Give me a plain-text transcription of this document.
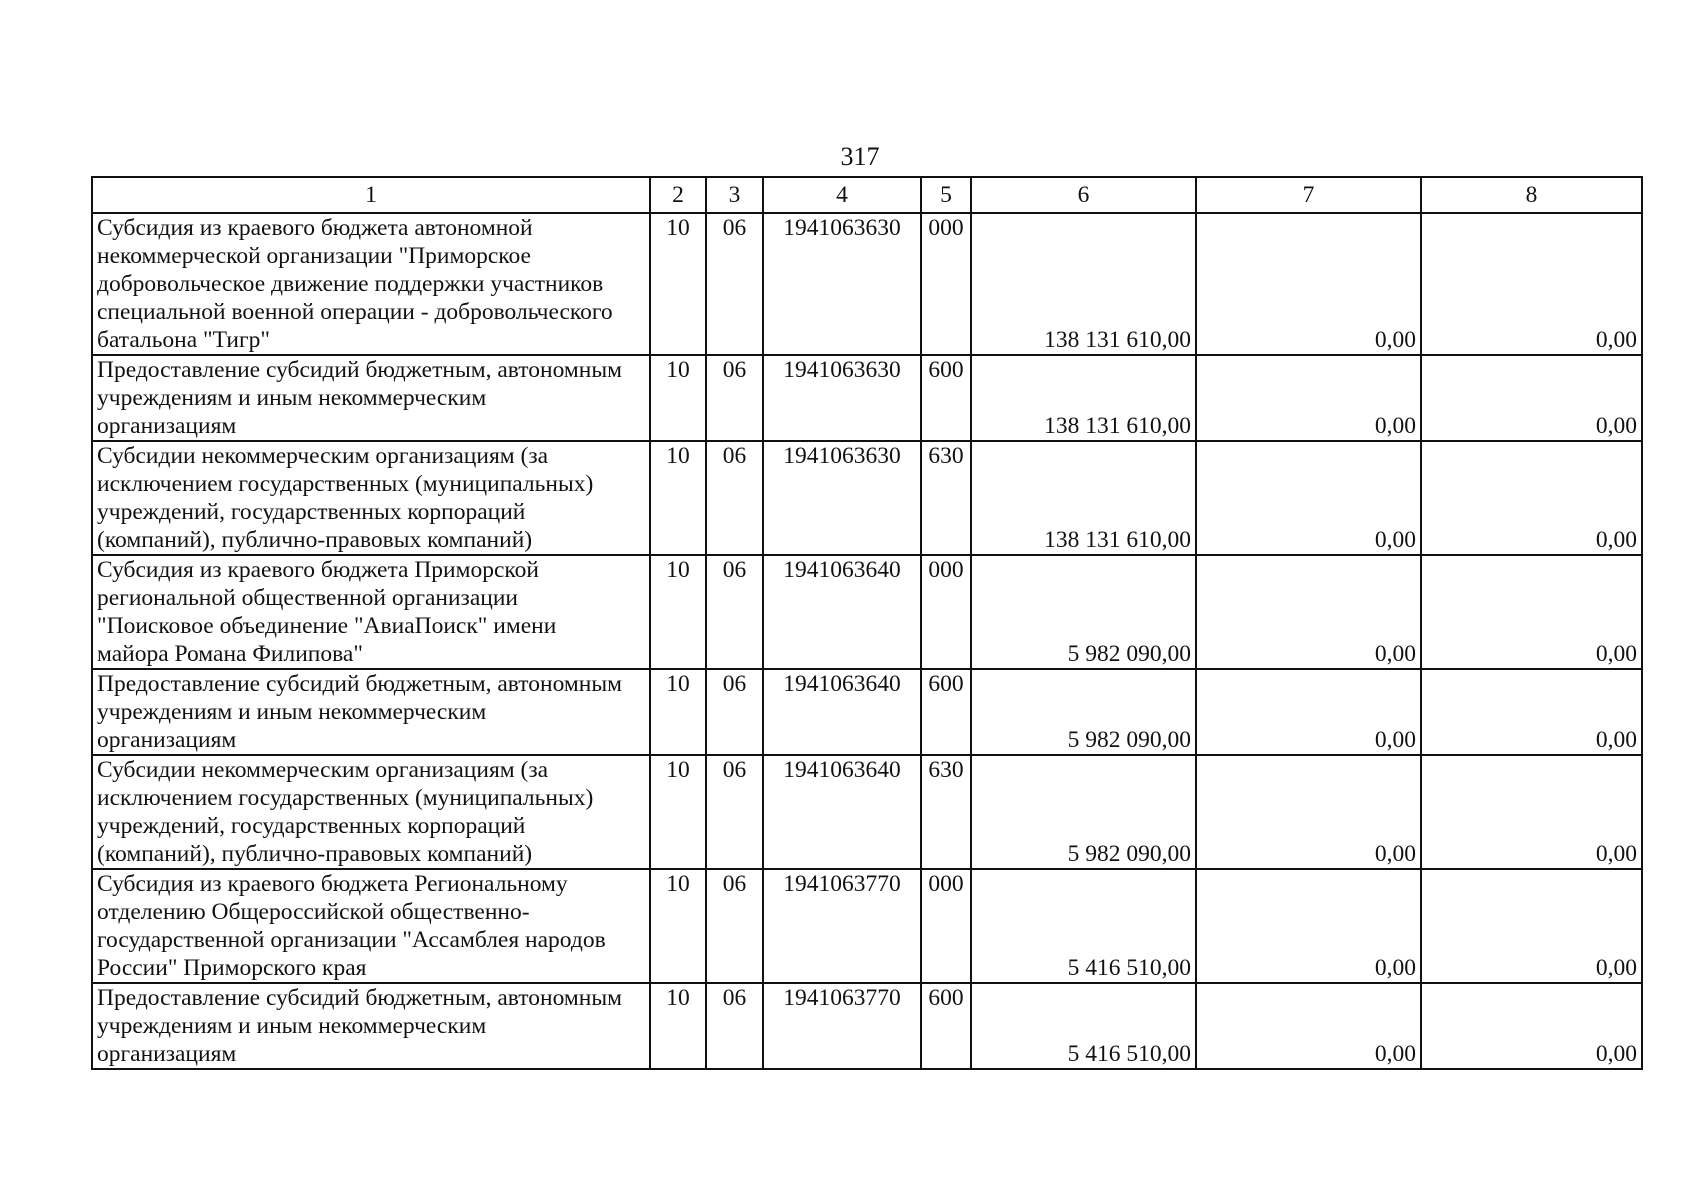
317
1	2	3	4	5	6	7	8

Субсидия из краевого бюджета автономной
некоммерческой организации "Приморское
добровольческое движение поддержки участников
специальной военной операции - добровольческого
батальона "Тигр"	10	06	1941063630	000	138 131 610,00	0,00	0,00

Предоставление субсидий бюджетным, автономным
учреждениям и иным некоммерческим
организациям	10	06	1941063630	600	138 131 610,00	0,00	0,00

Субсидии некоммерческим организациям (за
исключением государственных (муниципальных)
учреждений, государственных корпораций
(компаний), публично-правовых компаний)	10	06	1941063630	630	138 131 610,00	0,00	0,00

Субсидия из краевого бюджета Приморской
региональной общественной организации
"Поисковое объединение "АвиаПоиск" имени
майора Романа Филипова"	10	06	1941063640	000	5 982 090,00	0,00	0,00

Предоставление субсидий бюджетным, автономным
учреждениям и иным некоммерческим
организациям	10	06	1941063640	600	5 982 090,00	0,00	0,00

Субсидии некоммерческим организациям (за
исключением государственных (муниципальных)
учреждений, государственных корпораций
(компаний), публично-правовых компаний)	10	06	1941063640	630	5 982 090,00	0,00	0,00

Субсидия из краевого бюджета Региональному
отделению Общероссийской общественно-
государственной организации "Ассамблея народов
России" Приморского края	10	06	1941063770	000	5 416 510,00	0,00	0,00

Предоставление субсидий бюджетным, автономным
учреждениям и иным некоммерческим
организациям	10	06	1941063770	600	5 416 510,00	0,00	0,00
